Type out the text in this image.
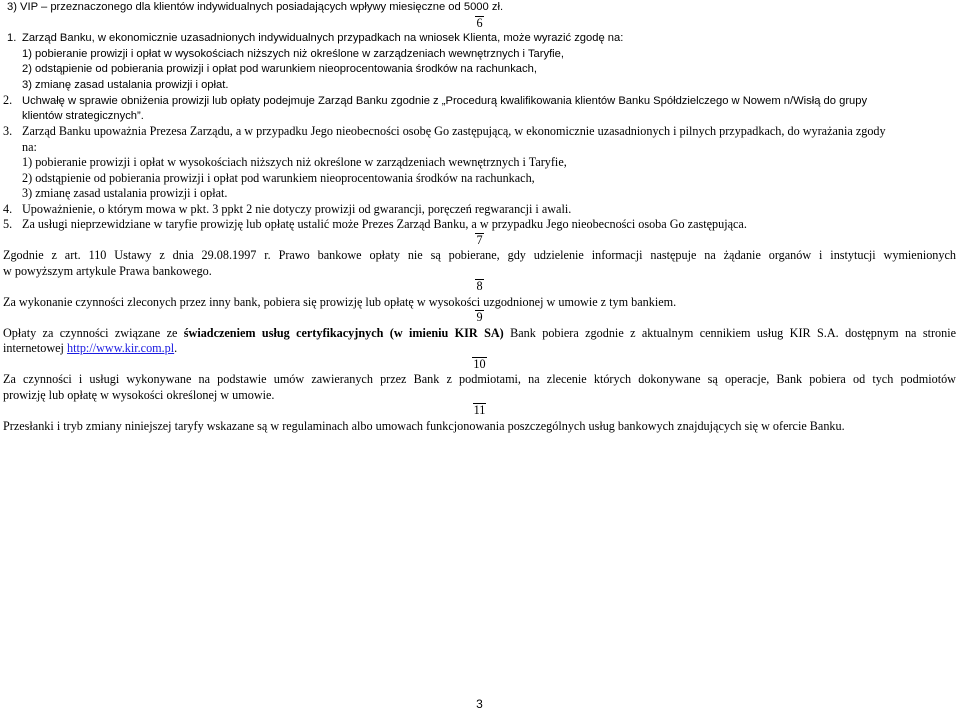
3) VIP – przeznaczonego dla klientów indywidualnych posiadających wpływy miesięczne od 5000 zł.
6
1. Zarząd Banku, w ekonomicznie uzasadnionych indywidualnych przypadkach na wniosek Klienta, może wyrazić zgodę na:
1) pobieranie prowizji i opłat w wysokościach niższych niż określone w zarządzeniach wewnętrznych i Taryfie,
2) odstąpienie od pobierania prowizji i opłat pod warunkiem nieoprocentowania środków na rachunkach,
3) zmianę zasad ustalania prowizji i opłat.
2. Uchwałę w sprawie obniżenia prowizji lub opłaty podejmuje Zarząd Banku zgodnie z „Procedurą kwalifikowania klientów Banku Spółdzielczego w Nowem n/Wisłą do grupy
klientów strategicznych”.
3. Zarząd Banku upoważnia Prezesa Zarządu, a w przypadku Jego nieobecności osobę Go zastępującą, w ekonomicznie uzasadnionych i pilnych przypadkach, do wyrażania zgody
na:
1) pobieranie prowizji i opłat w wysokościach niższych niż określone w zarządzeniach wewnętrznych i Taryfie,
2) odstąpienie od pobierania prowizji i opłat pod warunkiem nieoprocentowania środków na rachunkach,
3) zmianę zasad ustalania prowizji i opłat.
4. Upoważnienie, o którym mowa w pkt. 3 ppkt 2 nie dotyczy prowizji od gwarancji, poręczeń regwarancji i awali.
5. Za usługi nieprzewidziane w taryfie prowizję lub opłatę ustalić może Prezes Zarząd Banku, a w przypadku Jego nieobecności osoba Go zastępująca.
7
Zgodnie z art. 110 Ustawy z dnia 29.08.1997 r. Prawo bankowe opłaty nie są pobierane, gdy udzielenie informacji następuje na żądanie organów i instytucji wymienionych
w powyższym artykule Prawa bankowego.
8
Za wykonanie czynności zleconych przez inny bank, pobiera się prowizję lub opłatę w wysokości uzgodnionej w umowie z tym bankiem.
9
Opłaty za czynności związane ze świadczeniem usług certyfikacyjnych (w imieniu KIR SA) Bank pobiera zgodnie z aktualnym cennikiem usług KIR S.A. dostępnym na stronie
internetowej http://www.kir.com.pl.
10
Za czynności i usługi wykonywane na podstawie umów zawieranych przez Bank z podmiotami, na zlecenie których dokonywane są operacje, Bank pobiera od tych podmiotów
prowizję lub opłatę w wysokości określonej w umowie.
11
Przesłanki i tryb zmiany niniejszej taryfy wskazane są w regulaminach albo umowach funkcjonowania poszczególnych usług bankowych znajdujących się w ofercie Banku.
3
